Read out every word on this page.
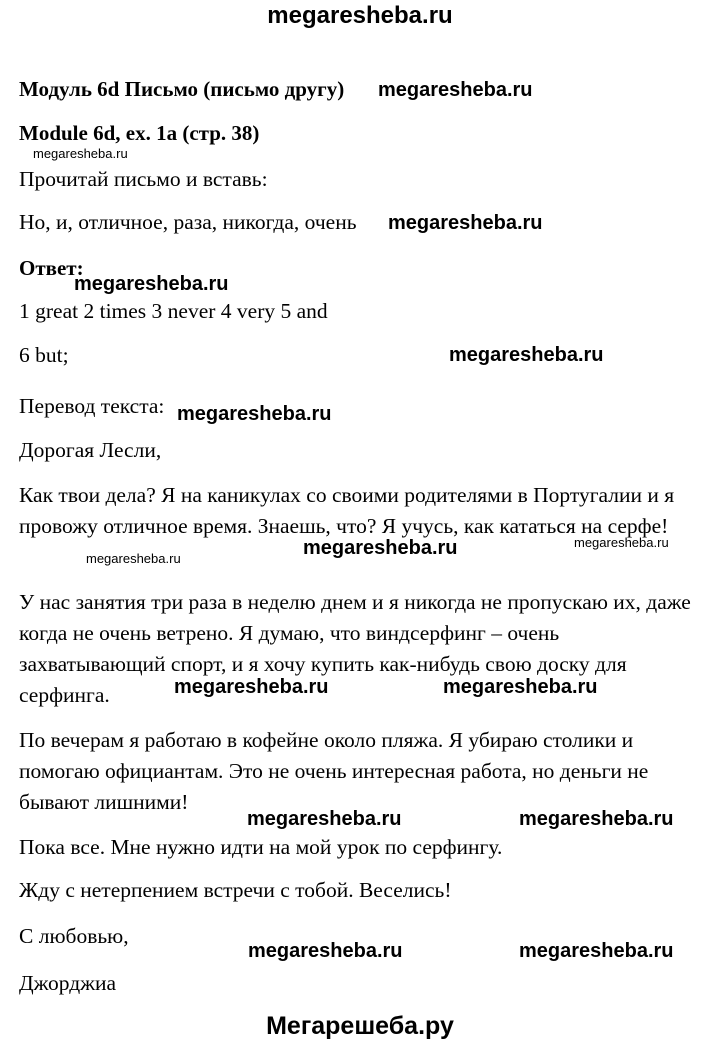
megaresheba.ru
Модуль 6d Письмо (письмо другу)
Module 6d, ex. 1a (стр. 38)
Прочитай письмо и вставь:
Но, и, отличное, раза, никогда, очень
Ответ:
1 great 2 times 3 never 4 very 5 and
6 but;
Перевод текста:
Дорогая Лесли,
Как твои дела? Я на каникулах со своими родителями в Португалии и я провожу отличное время. Знаешь, что? Я учусь, как кататься на серфе!
У нас занятия три раза в неделю днем и я никогда не пропускаю их, даже когда не очень ветрено. Я думаю, что виндсерфинг – очень захватывающий спорт, и я хочу купить как-нибудь свою доску для серфинга.
По вечерам я работаю в кофейне около пляжа. Я убираю столики и помогаю официантам. Это не очень интересная работа, но деньги не бывают лишними!
Пока все. Мне нужно идти на мой урок по серфингу.
Жду с нетерпением встречи с тобой. Веселись!
С любовью,
Джорджиа
megaresheba.ru
megaresheba.ru
megaresheba.ru
megaresheba.ru
megaresheba.ru
megaresheba.ru
megaresheba.ru	megaresheba.ru	megaresheba.ru
megaresheba.ru	megaresheba.ru
megaresheba.ru	megaresheba.ru
megaresheba.ru	megaresheba.ru
Мегарешеба.ру
